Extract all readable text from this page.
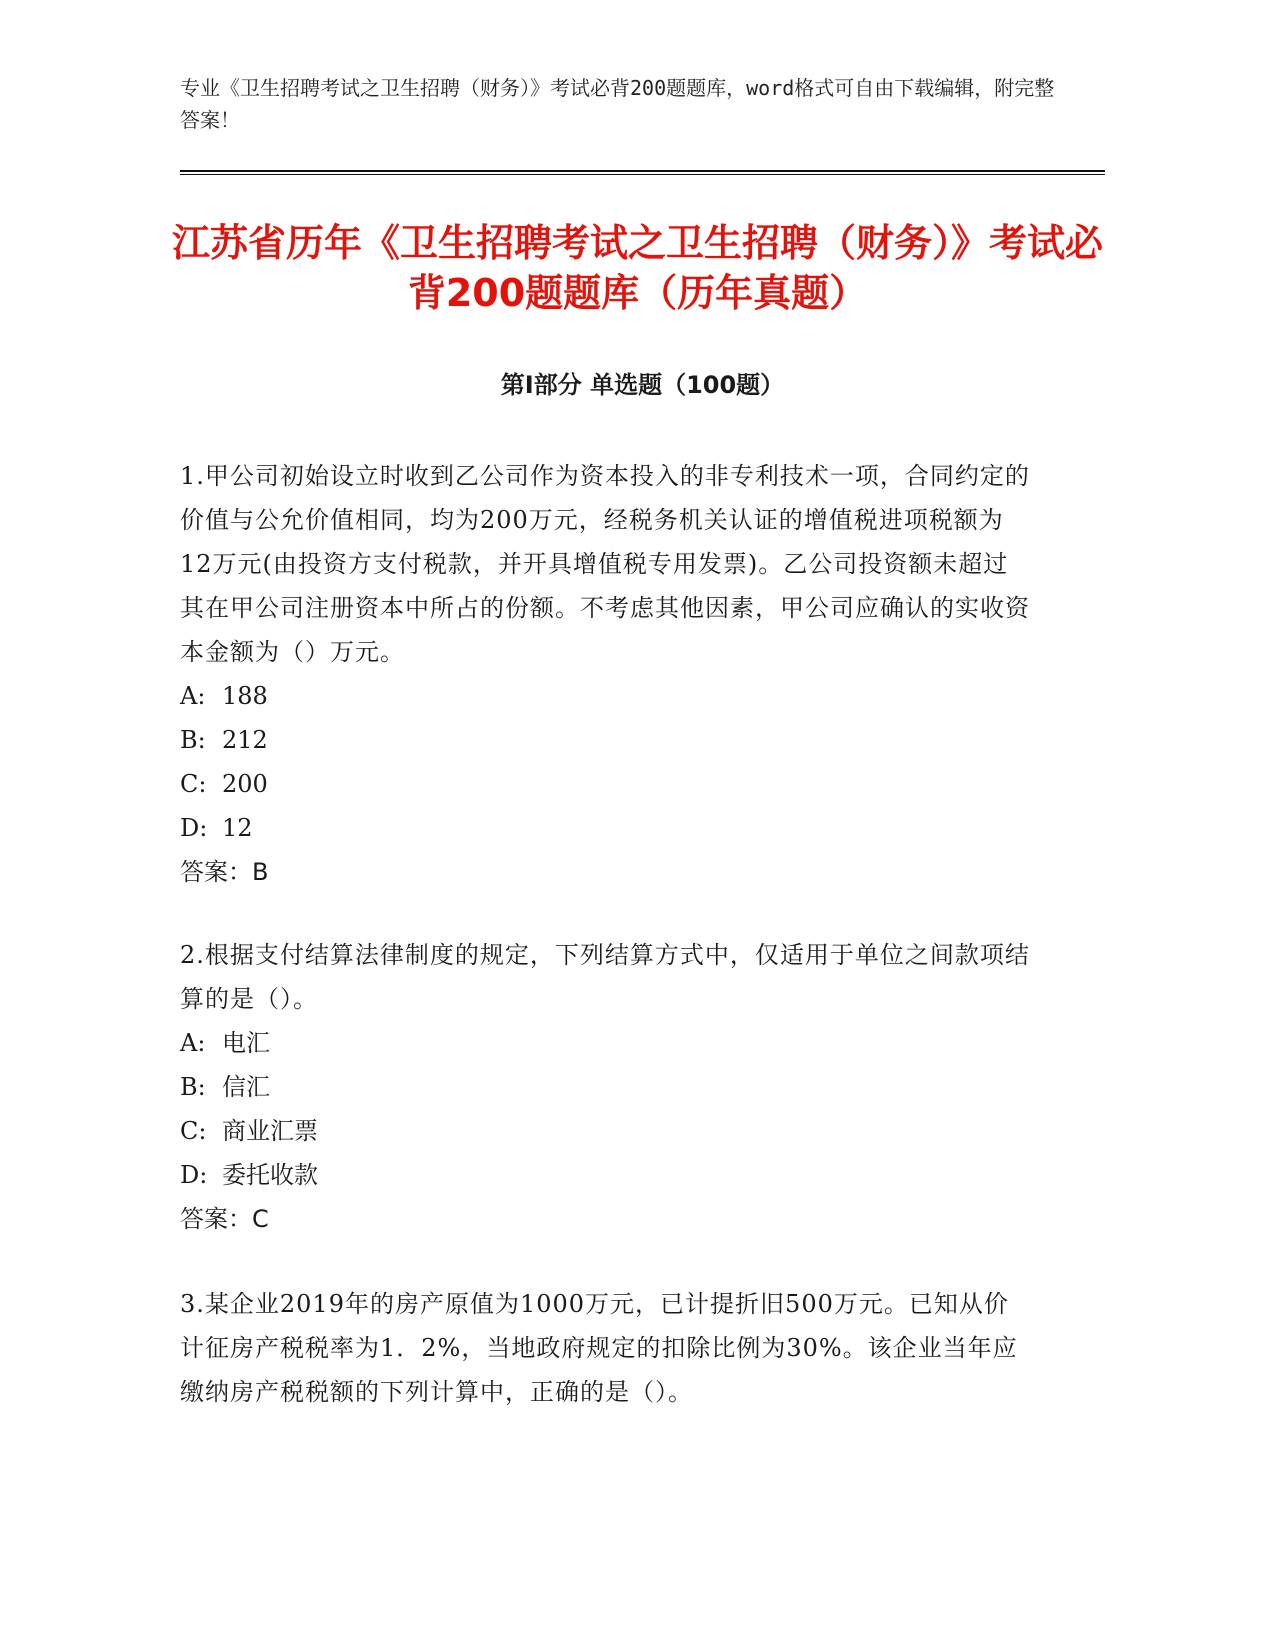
专业《卫生招聘考试之卫生招聘（财务）》考试必背200题题库，word格式可自由下载编辑，附完整答案！
江苏省历年《卫生招聘考试之卫生招聘（财务）》考试必背200题题库（历年真题）
第Ⅰ部分 单选题（100题）
1.甲公司初始设立时收到乙公司作为资本投入的非专利技术一项，合同约定的价值与公允价值相同，均为200万元，经税务机关认证的增值税进项税额为12万元(由投资方支付税款，并开具增值税专用发票)。乙公司投资额未超过其在甲公司注册资本中所占的份额。不考虑其他因素，甲公司应确认的实收资本金额为（）万元。
A: 188
B: 212
C: 200
D: 12
答案：B
2.根据支付结算法律制度的规定，下列结算方式中，仅适用于单位之间款项结算的是（）。
A: 电汇
B: 信汇
C: 商业汇票
D: 委托收款
答案：C
3.某企业2019年的房产原值为1000万元，已计提折旧500万元。已知从价计征房产税税率为1．2%，当地政府规定的扣除比例为30%。该企业当年应缴纳房产税税额的下列计算中，正确的是（）。
